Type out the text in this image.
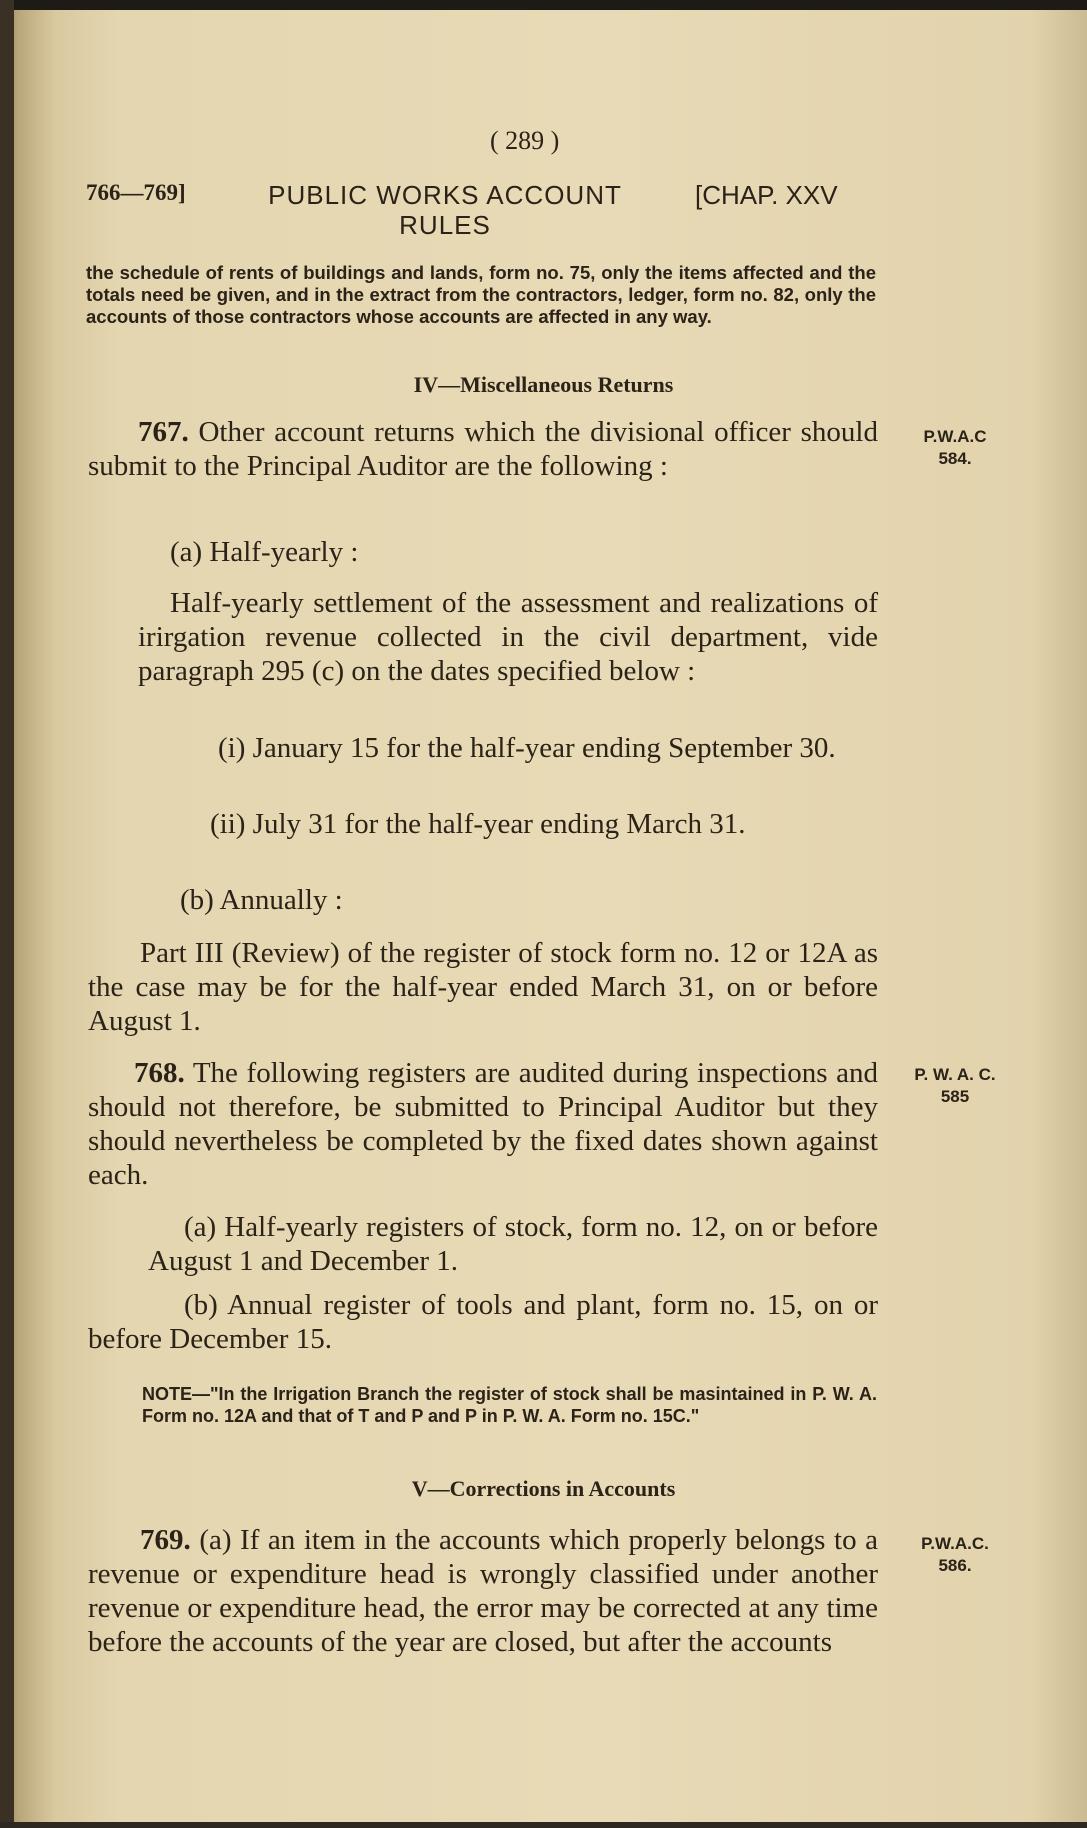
( 289 )
766—769]	PUBLIC WORKS ACCOUNT RULES
[CHAP. XXV

the schedule of rents of buildings and lands, form no. 75, only the items affected and the totals need be given, and in the extract from the contractors, ledger, form no. 82, only the accounts of those contractors whose accounts are affected in any way.

IV—Miscellaneous Returns

767. Other account returns which the divisional officer should submit to the Principal Auditor are the following :

P.W.A.C
584.

(a) Half-yearly :

Half-yearly settlement of the assessment and realizations of irirgation revenue collected in the civil department, vide paragraph 295 (c) on the dates specified below :

(i) January 15 for the half-year ending September 30.

(ii) July 31 for the half-year ending March 31.

(b) Annually :

Part III (Review) of the register of stock form no. 12 or 12A as the case may be for the half-year ended March 31, on or before August 1.

768. The following registers are audited during inspections and should not therefore, be submitted to Principal Auditor but they should nevertheless be completed by the fixed dates shown against each.

P. W. A. C.
585

(a) Half-yearly registers of stock, form no. 12, on or before August 1 and December 1.

(b) Annual register of tools and plant, form no. 15, on or before December 15.

NOTE—"In the Irrigation Branch the register of stock shall be masintained in P. W. A. Form no. 12A and that of T and P and P in P. W. A. Form no. 15C."

V—Corrections in Accounts

769. (a) If an item in the accounts which properly belongs to a revenue or expenditure head is wrongly classified under another revenue or expenditure head, the error may be corrected at any time before the accounts of the year are closed, but after the accounts

P.W.A.C.
586.
